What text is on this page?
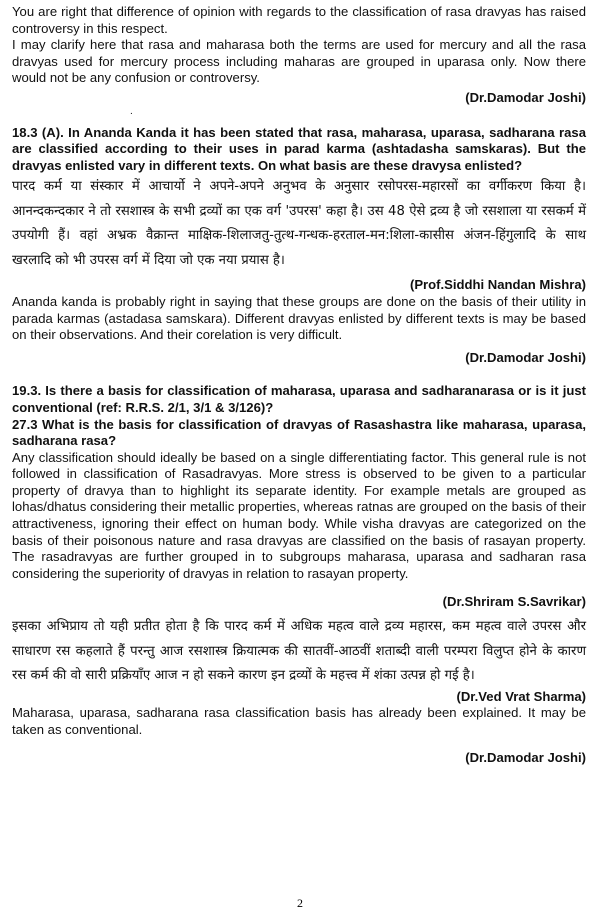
You are right that difference of opinion with regards to the classification of rasa dravyas has raised controversy in this respect.

I may clarify here that rasa and maharasa both the terms are used for mercury and all the rasa dravyas used for mercury process including maharas are grouped in uparasa only. Now there would not be any confusion or controversy.

(Dr.Damodar Joshi)

.

18.3 (A). In Ananda Kanda it has been stated that rasa, maharasa, uparasa, sadharana rasa are classified according to their uses in parad karma (ashtadasha samskaras). But the dravyas enlisted vary in different texts. On what basis are these dravysa enlisted?

पारद कर्म या संस्कार में आचार्यो ने अपने-अपने अनुभव के अनुसार रसोपरस-महारसों का वर्गीकरण किया है। आनन्दकन्दकार ने तो रसशास्त्र के सभी द्रव्यों का एक वर्ग 'उपरस' कहा है। उस 48 ऐसे द्रव्य है जो रसशाला या रसकर्म में उपयोगी हैं। वहां अभ्रक वैक्रान्त माक्षिक-शिलाजतु-तुत्थ-गन्धक-हरताल-मन:शिला-कासीस अंजन-हिंगुलादि के साथ खरलादि को भी उपरस वर्ग में दिया जो एक नया प्रयास है।

(Prof.Siddhi Nandan Mishra)

Ananda kanda is probably right in saying that these groups are done on the basis of their utility in parada karmas (astadasa samskara). Different dravyas enlisted by different texts is may be based on their observations. And their corelation is very difficult.

(Dr.Damodar Joshi)

19.3. Is there a basis for classification of maharasa, uparasa and sadharanarasa or is it just conventional (ref: R.R.S. 2/1, 3/1 & 3/126)?

27.3 What is the basis for classification of dravyas of Rasashastra like maharasa, uparasa, sadharana rasa?

Any classification should ideally be based on a single differentiating factor. This general rule is not followed in classification of Rasadravyas. More stress is observed to be given to a particular property of dravya than to highlight its separate identity. For example metals are grouped as lohas/dhatus considering their metallic properties, whereas ratnas are grouped on the basis of their attractiveness, ignoring their effect on human body. While visha dravyas are categorized on the basis of their poisonous nature and rasa dravyas are classified on the basis of rasayan property. The rasadravyas are further grouped in to subgroups maharasa, uparasa and sadharan rasa considering the superiority of dravyas in relation to rasayan property.

(Dr.Shriram S.Savrikar)

इसका अभिप्राय तो यही प्रतीत होता है कि पारद कर्म में अधिक महत्व वाले द्रव्य महारस, कम महत्व वाले उपरस और साधारण रस कहलाते हैं परन्तु आज रसशास्त्र क्रियात्मक की सातवीं-आठवीं शताब्दी वाली परम्परा विलुप्त होने के कारण रस कर्म की वो सारी प्रक्रियाँए आज न हो सकने कारण इन द्रव्यों के महत्त्व में शंका उत्पन्न हो गई है।

(Dr.Ved Vrat Sharma)

Maharasa, uparasa, sadharana rasa classification basis has already been explained. It may be taken as conventional.

(Dr.Damodar Joshi)

2
